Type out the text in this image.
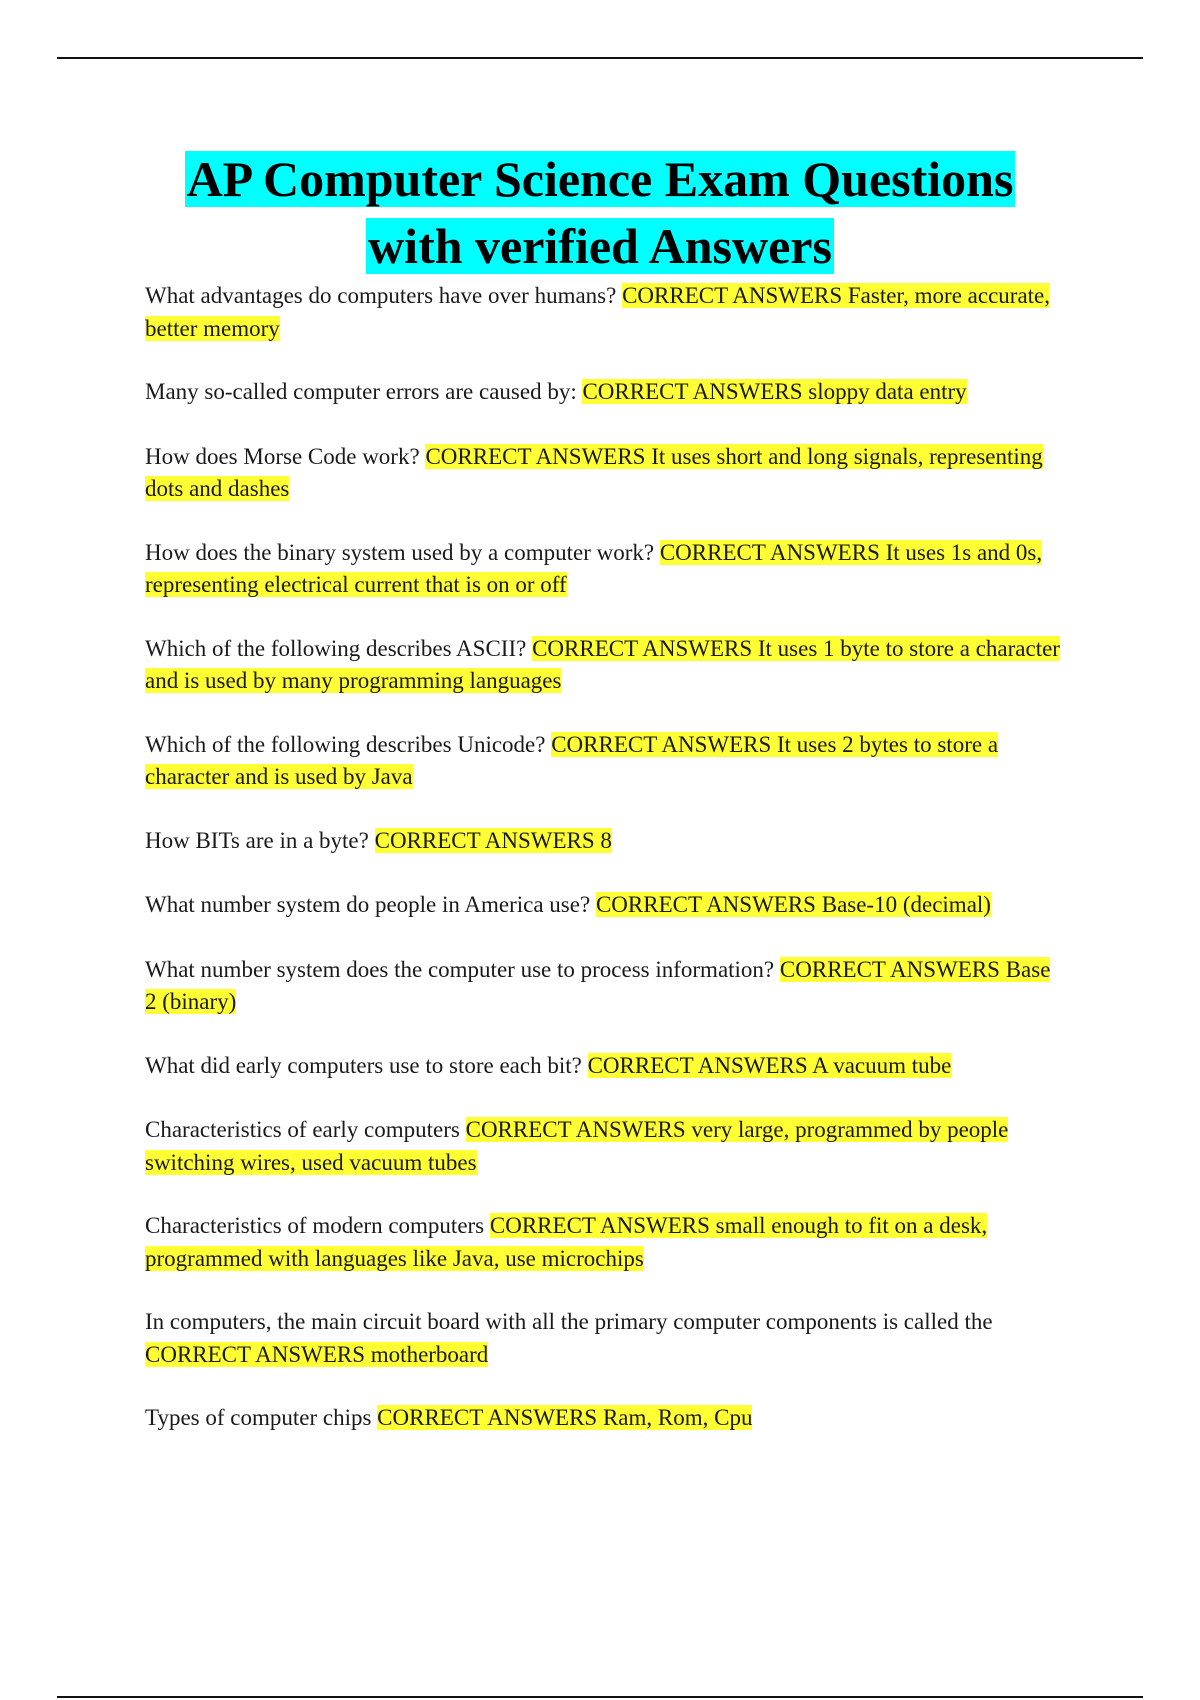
AP Computer Science Exam Questions
with verified Answers

What advantages do computers have over humans? CORRECT ANSWERS Faster, more accurate, better memory

Many so-called computer errors are caused by: CORRECT ANSWERS sloppy data entry

How does Morse Code work? CORRECT ANSWERS It uses short and long signals, representing dots and dashes

How does the binary system used by a computer work? CORRECT ANSWERS It uses 1s and 0s, representing electrical current that is on or off

Which of the following describes ASCII? CORRECT ANSWERS It uses 1 byte to store a character and is used by many programming languages

Which of the following describes Unicode? CORRECT ANSWERS It uses 2 bytes to store a character and is used by Java

How BITs are in a byte? CORRECT ANSWERS 8

What number system do people in America use? CORRECT ANSWERS Base-10 (decimal)

What number system does the computer use to process information? CORRECT ANSWERS Base 2 (binary)

What did early computers use to store each bit? CORRECT ANSWERS A vacuum tube

Characteristics of early computers CORRECT ANSWERS very large, programmed by people switching wires, used vacuum tubes

Characteristics of modern computers CORRECT ANSWERS small enough to fit on a desk, programmed with languages like Java, use microchips

In computers, the main circuit board with all the primary computer components is called the CORRECT ANSWERS motherboard

Types of computer chips CORRECT ANSWERS Ram, Rom, Cpu
